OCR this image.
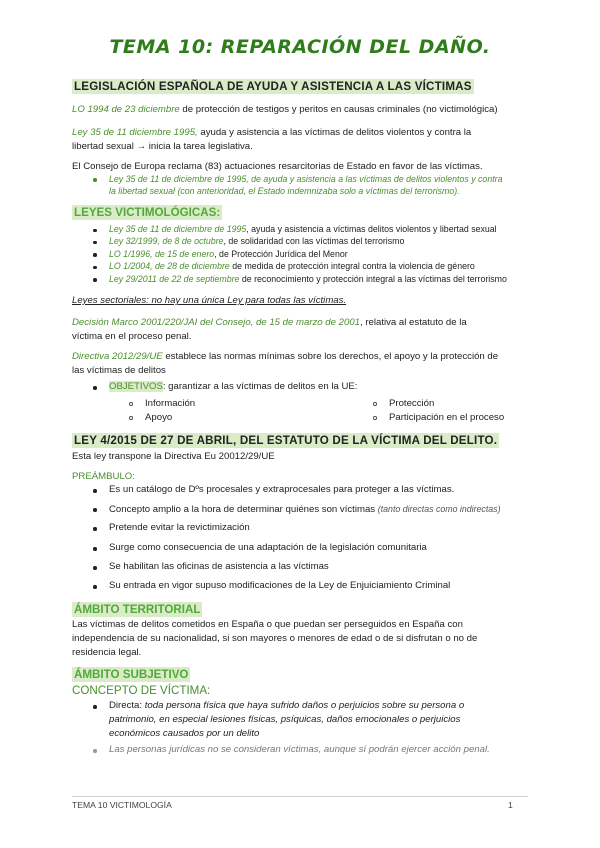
TEMA 10: REPARACIÓN DEL DAÑO.
LEGISLACIÓN ESPAÑOLA DE AYUDA Y ASISTENCIA A LAS VÍCTIMAS
LO 1994 de 23 diciembre de protección de testigos y peritos en causas criminales (no victimológica)
Ley 35 de 11 diciembre 1995, ayuda y asistencia a las víctimas de delitos violentos y contra la
libertad sexual → inicia la tarea legislativa.
El Consejo de Europa reclama (83) actuaciones resarcitorias de Estado en favor de las víctimas.
Ley 35 de 11 de diciembre de 1995, de ayuda y asistencia a las víctimas de delitos violentos y contra
la libertad sexual (con anterioridad, el Estado indemnizaba solo a víctimas del terrorismo).
LEYES VICTIMOLÓGICAS:
Ley 35 de 11 de diciembre de 1995, ayuda y asistencia a víctimas delitos violentos y libertad sexual
Ley 32/1999, de 8 de octubre, de solidaridad con las víctimas del terrorismo
LO 1/1996, de 15 de enero, de Protección Jurídica del Menor
LO 1/2004, de 28 de diciembre de medida de protección integral contra la violencia de género
Ley 29/2011 de 22 de septiembre de reconocimiento y protección integral a las víctimas del terrorismo
Leyes sectoriales: no hay una única Ley para todas las víctimas.
Decisión Marco 2001/220/JAI del Consejo, de 15 de marzo de 2001, relativa al estatuto de la
víctima en el proceso penal.
Directiva 2012/29/UE establece las normas mínimas sobre los derechos, el apoyo y la protección de
las víctimas de delitos
OBJETIVOS: garantizar a las víctimas de delitos en la UE:
Información
Apoyo
Protección
Participación en el proceso
LEY 4/2015 DE 27 DE ABRIL, DEL ESTATUTO DE LA VÍCTIMA DEL DELITO.
Esta ley transpone la Directiva Eu 20012/29/UE
PREÁMBULO:
Es un catálogo de Dºs procesales y extraprocesales para proteger a las víctimas.
Concepto amplio a la hora de determinar quiénes son víctimas (tanto directas como indirectas)
Pretende evitar la revictimización
Surge como consecuencia de una adaptación de la legislación comunitaria
Se habilitan las oficinas de asistencia a las víctimas
Su entrada en vigor supuso modificaciones de la Ley de Enjuiciamiento Criminal
ÁMBITO TERRITORIAL
Las víctimas de delitos cometidos en España o que puedan ser perseguidos en España con
independencia de su nacionalidad, si son mayores o menores de edad o de si disfrutan o no de
residencia legal.
ÁMBITO SUBJETIVO
CONCEPTO DE VÍCTIMA:
Directa: toda persona física que haya sufrido daños o perjuicios sobre su persona o
patrimonio, en especial lesiones físicas, psíquicas, daños emocionales o perjuicios
económicos causados por un delito
Las personas jurídicas no se consideran víctimas, aunque sí podrán ejercer acción penal.
TEMA 10 VICTIMOLOGÍA	1
